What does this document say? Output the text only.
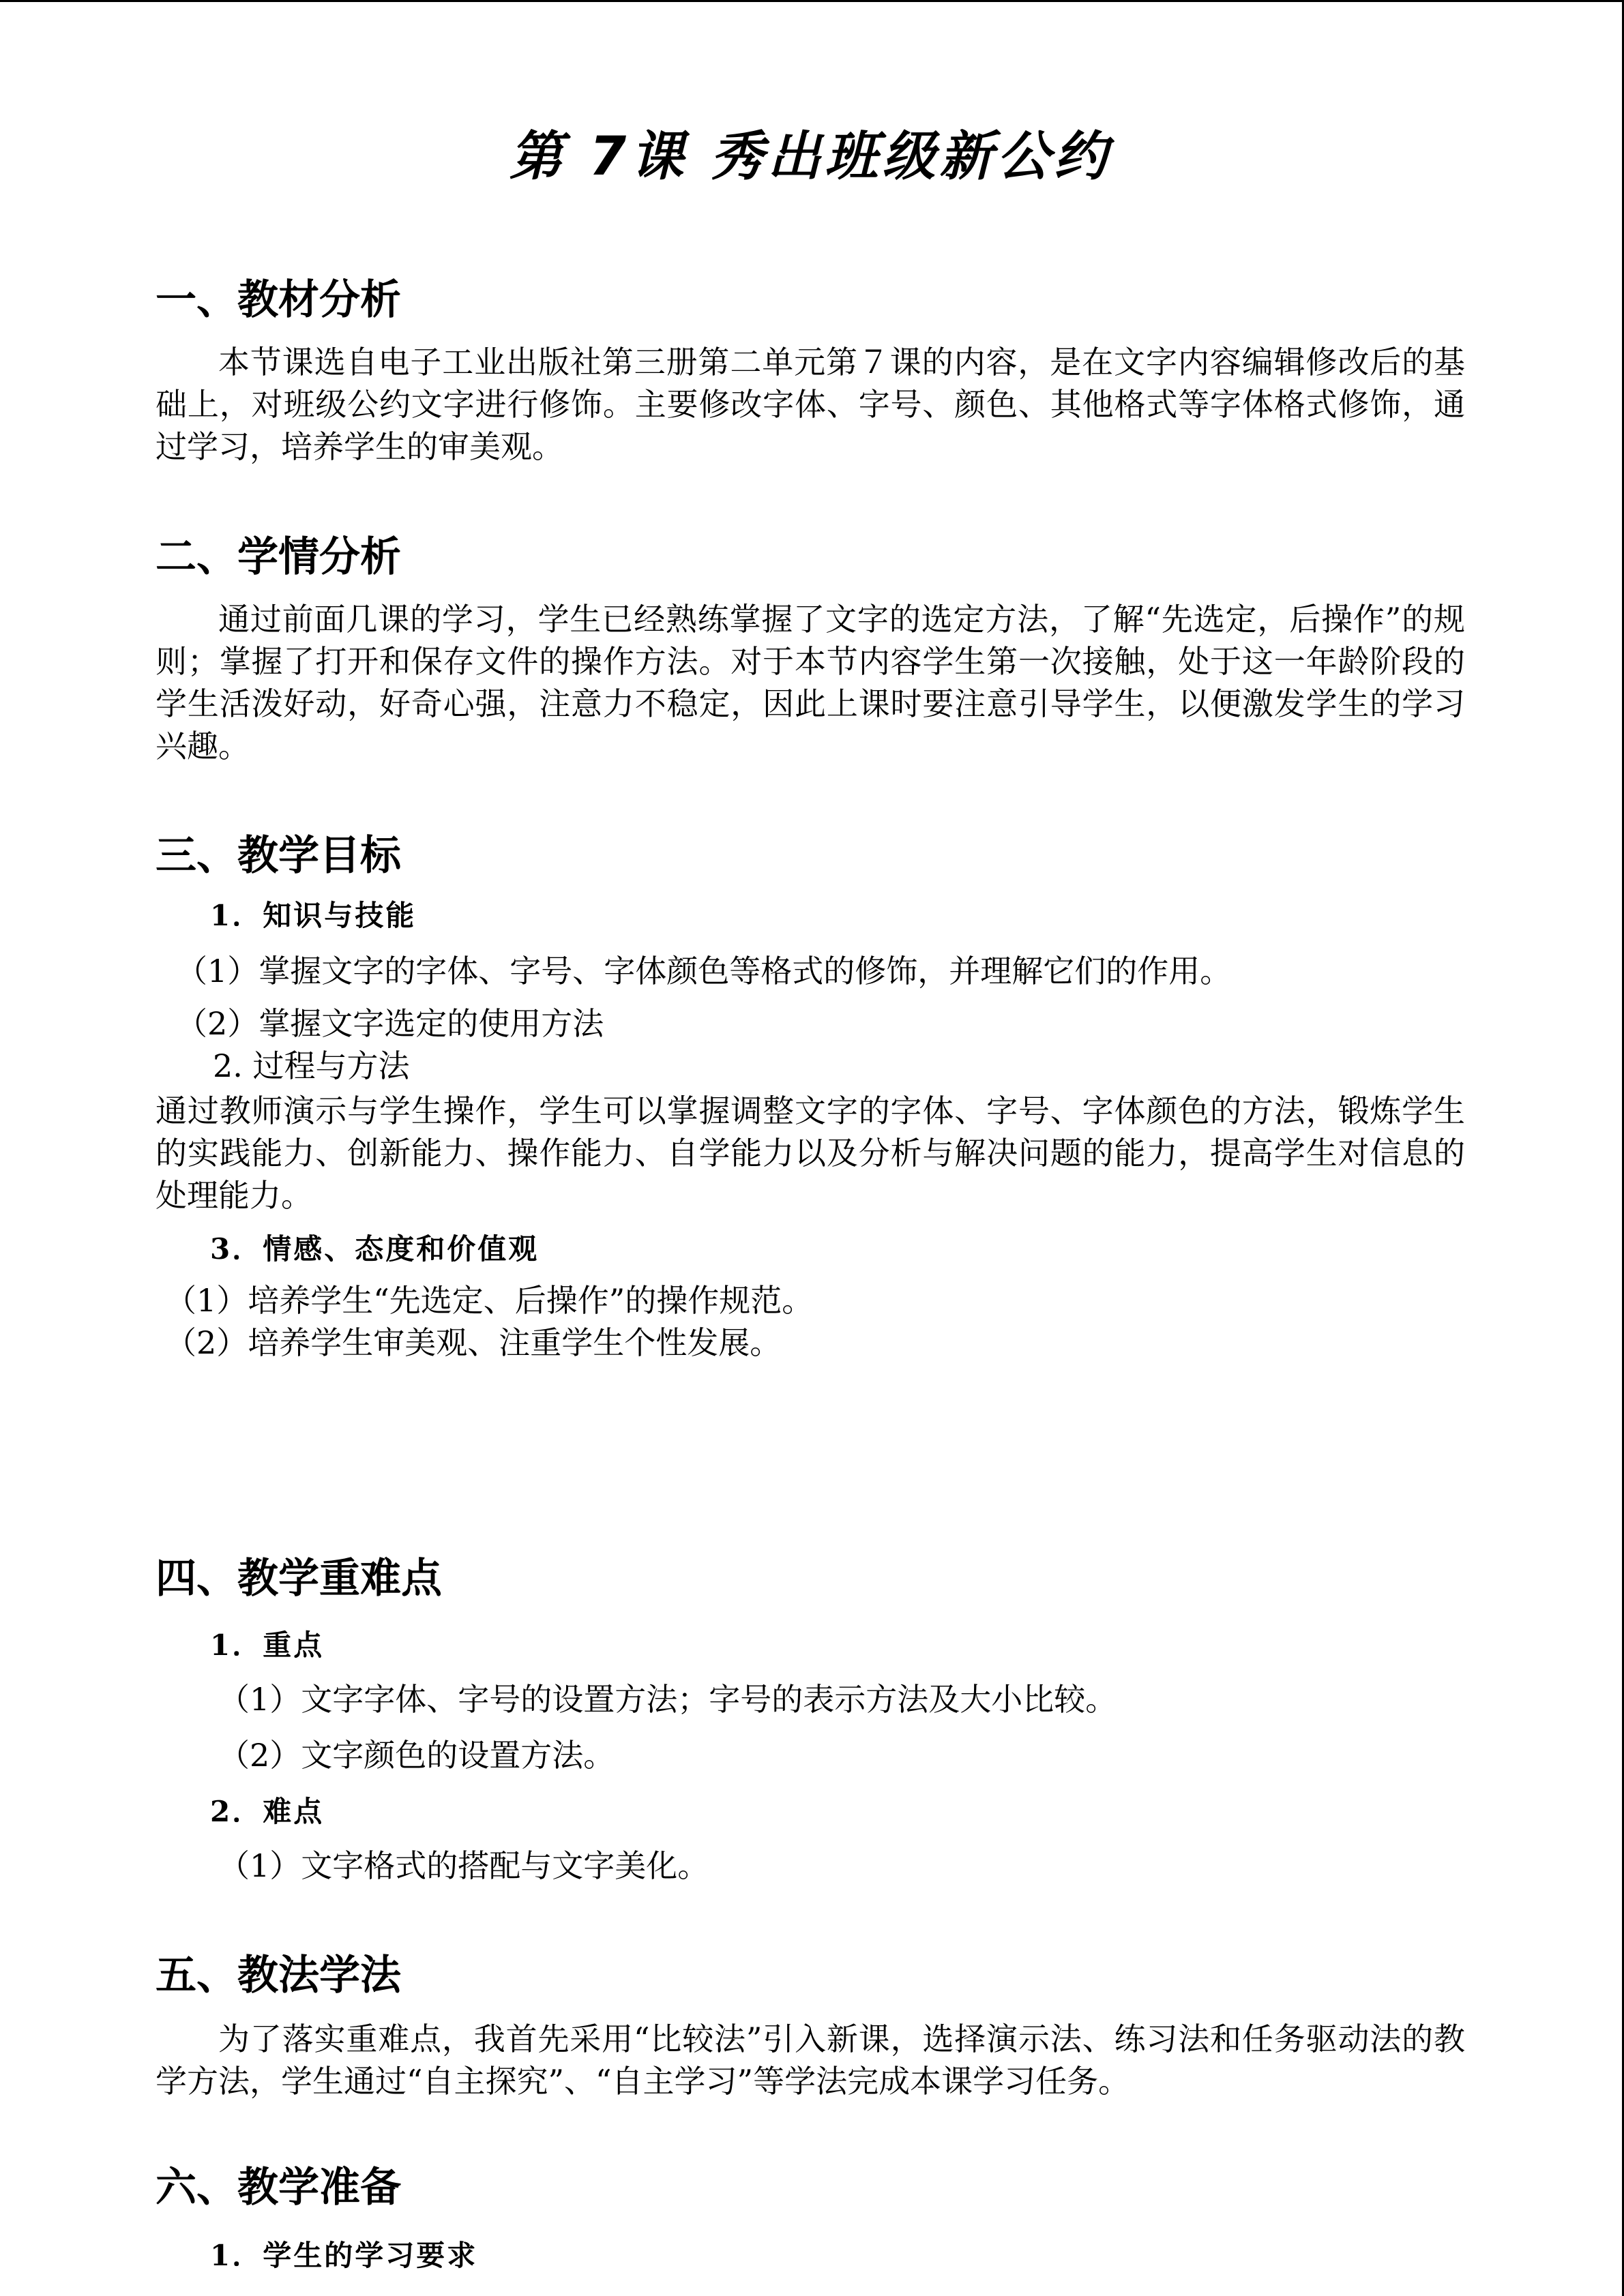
第 7课 秀出班级新公约
一、教材分析
本节课选自电子工业出版社第三册第二单元第７课的内容，是在文字内容编辑修改后的基础上，对班级公约文字进行修饰。主要修改字体、字号、颜色、其他格式等字体格式修饰，通过学习，培养学生的审美观。
二、学情分析
通过前面几课的学习，学生已经熟练掌握了文字的选定方法，了解“先选定，后操作”的规则；掌握了打开和保存文件的操作方法。对于本节内容学生第一次接触，处于这一年龄阶段的学生活泼好动，好奇心强，注意力不稳定，因此上课时要注意引导学生，以便激发学生的学习兴趣。
三、教学目标
1．知识与技能
（1）掌握文字的字体、字号、字体颜色等格式的修饰，并理解它们的作用。
（2）掌握文字选定的使用方法
2. 过程与方法
通过教师演示与学生操作，学生可以掌握调整文字的字体、字号、字体颜色的方法，锻炼学生的实践能力、创新能力、操作能力、自学能力以及分析与解决问题的能力，提高学生对信息的处理能力。
3．情感、态度和价值观
（1）培养学生“先选定、后操作”的操作规范。
（2）培养学生审美观、注重学生个性发展。
四、教学重难点
1．重点
（1）文字字体、字号的设置方法；字号的表示方法及大小比较。
（2）文字颜色的设置方法。
2．难点
（1）文字格式的搭配与文字美化。
五、教法学法
为了落实重难点，我首先采用“比较法”引入新课，选择演示法、练习法和任务驱动法的教学方法，学生通过“自主探究”、“自主学习”等学法完成本课学习任务。
六、教学准备
1．学生的学习要求
